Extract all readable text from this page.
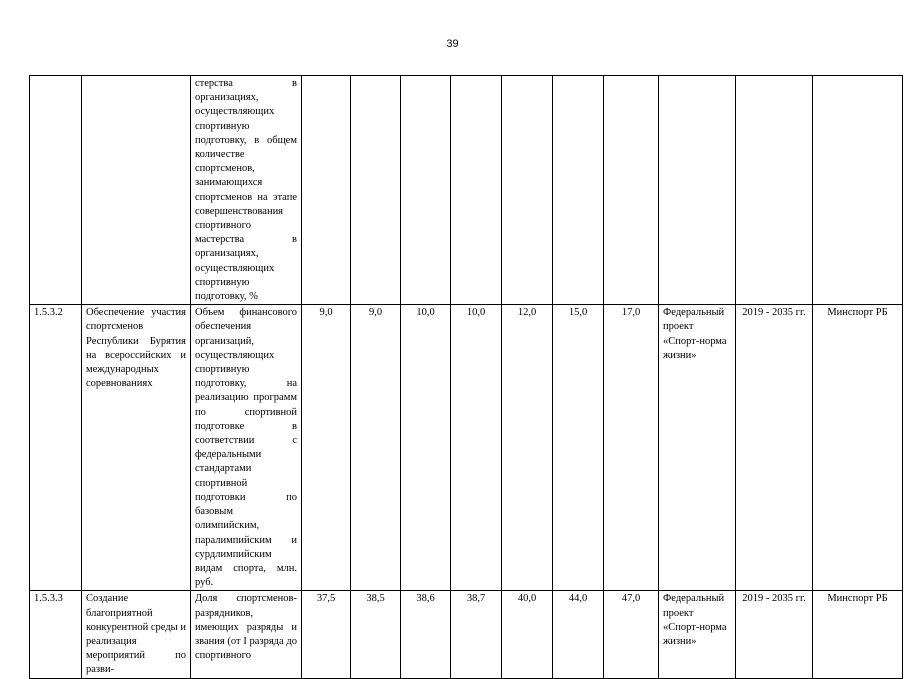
39
		стерства в организациях, осуществляющих спортивную подготовку, в общем количестве спортсменов, занимающихся спортсменов на этапе совершенствования спортивного мастерства в организациях, осуществляющих спортивную подготовку, %										
1.5.3.2	Обеспечение участия спортсменов Республики Бурятия на всероссийских и международных соревнованиях	Объем финансового обеспечения организаций, осуществляющих спортивную подготовку, на реализацию программ по спортивной подготовке в соответствии с федеральными стандартами спортивной подготовки по базовым олимпийским, паралимпийским и сурдлимпийским видам спорта, млн. руб.	9,0	9,0	10,0	10,0	12,0	15,0	17,0	Федеральный проект «Спорт-норма жизни»	2019 - 2035 гг.	Минспорт РБ
1.5.3.3	Создание благоприятной конкурентной среды и реализация мероприятий по разви-	Доля спортсменов-разрядников, имеющих разряды и звания (от I разряда до спортивного	37,5	38,5	38,6	38,7	40,0	44,0	47,0	Федеральный проект «Спорт-норма жизни»	2019 - 2035 гг.	Минспорт РБ
